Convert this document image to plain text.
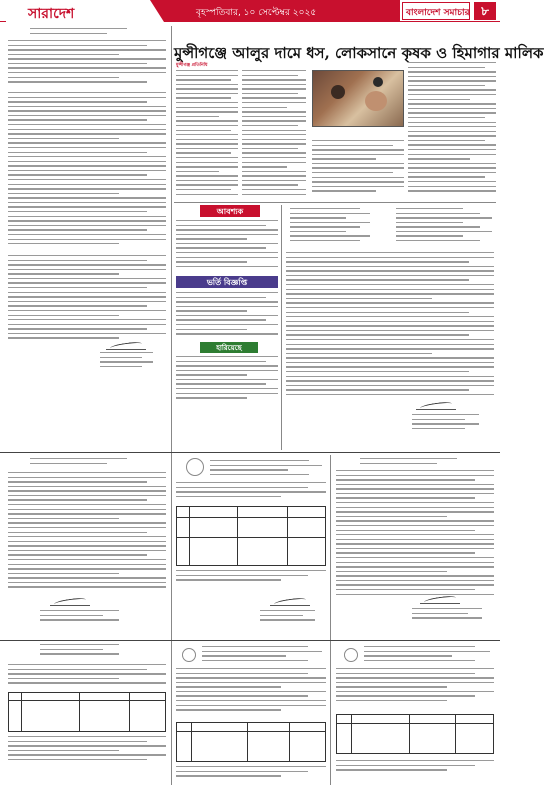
সারাদেশ	বৃহস্পতিবার, ১০ সেপ্টেম্বর ২০২৫	বাংলাদেশ সমাচার ৮
মুন্সীগঞ্জে আলুর দামে ধস, লোকসানে কৃষক ও হিমাগার মালিক
মুন্সীগঞ্জ প্রতিনিধি
আবশ্যক
ভর্তি বিজ্ঞপ্তি
হারিয়েছে
